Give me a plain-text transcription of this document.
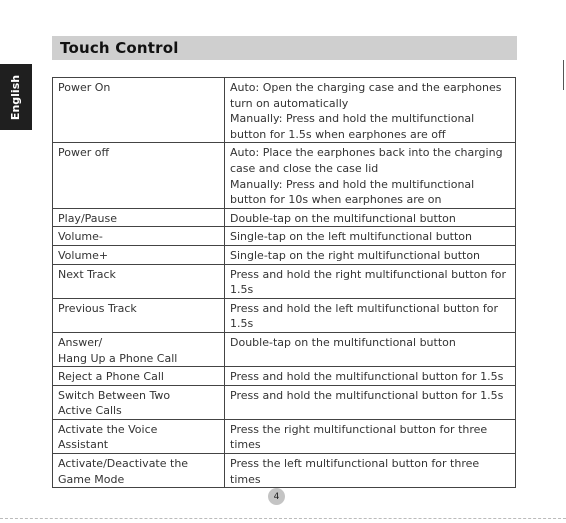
English
Touch Control
Power On	Auto: Open the charging case and the earphones turn on automatically
Manually: Press and hold the multifunctional button for 1.5s when earphones are off
Power off	Auto: Place the earphones back into the charging case and close the case lid
Manually: Press and hold the multifunctional button for 10s when earphones are on
Play/Pause	Double-tap on the multifunctional button
Volume-	Single-tap on the left multifunctional button
Volume+	Single-tap on the right multifunctional button
Next Track	Press and hold the right multifunctional button for 1.5s
Previous Track	Press and hold the left multifunctional button for 1.5s
Answer/
Hang Up a Phone Call	Double-tap on the multifunctional button
Reject a Phone Call	Press and hold the multifunctional button for 1.5s
Switch Between Two
Active Calls	Press and hold the multifunctional button for 1.5s
Activate the Voice
Assistant	Press the right multifunctional button for three times
Activate/Deactivate the
Game Mode	Press the left multifunctional button for three times
4
